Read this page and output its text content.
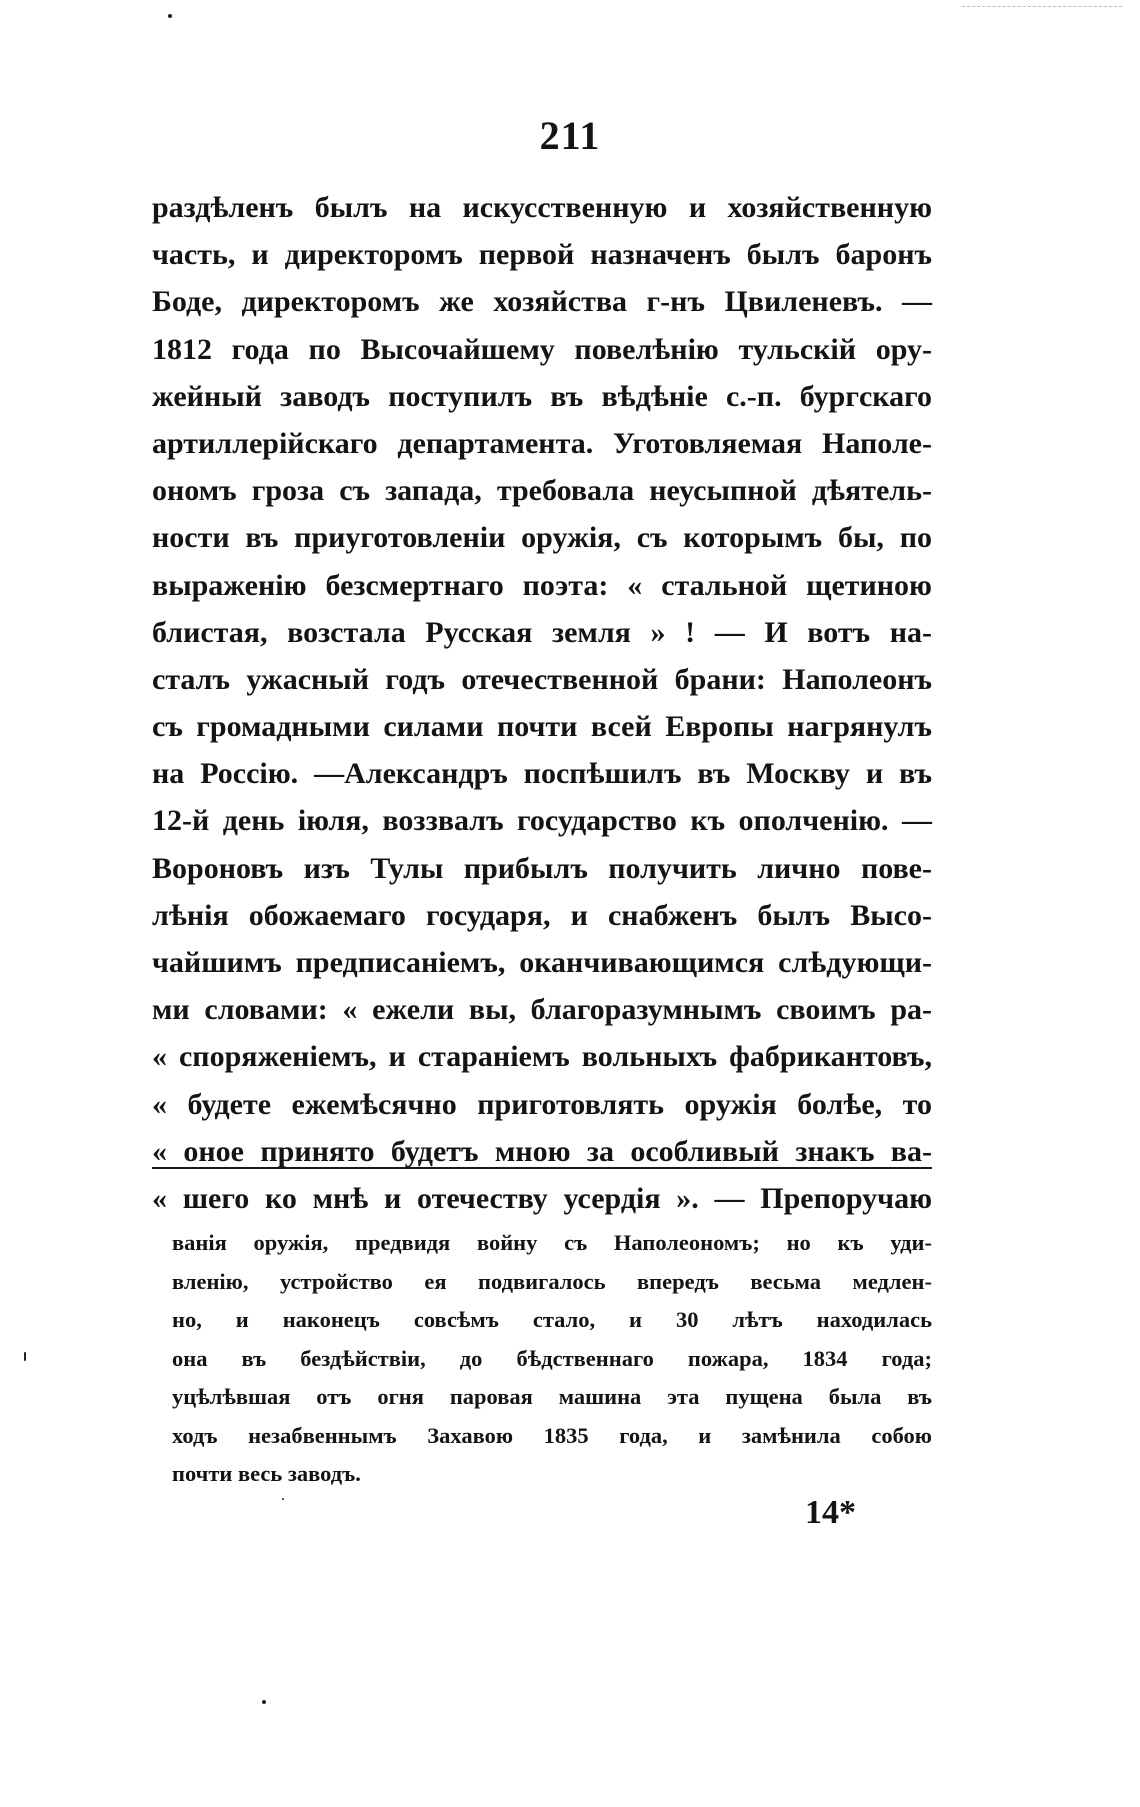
211
раздѣленъ былъ на искусственную и хозяйственную
часть, и директоромъ первой назначенъ былъ баронъ
Боде, директоромъ же хозяйства г-нъ Цвиленевъ. —
1812 года по Высочайшему повелѣнію тульскій ору-
жейный заводъ поступилъ въ вѣдѣніе с.-п. бургскаго
артиллерійскаго департамента. Уготовляемая Наполе-
ономъ гроза съ запада, требовала неусыпной дѣятель-
ности въ приуготовленіи оружія, съ которымъ бы, по
выраженію безсмертнаго поэта: « стальной щетиною
блистая, возстала Русская земля » ! — И вотъ на-
сталъ ужасный годъ отечественной брани: Наполеонъ
съ громадными силами почти всей Европы нагрянулъ
на Россію. —Александръ поспѣшилъ въ Москву и въ
12-й день іюля, воззвалъ государство къ ополченію. —
Вороновъ изъ Тулы прибылъ получить лично пове-
лѣнія обожаемаго государя, и снабженъ былъ Высо-
чайшимъ предписаніемъ, оканчивающимся слѣдующи-
ми словами: « ежели вы, благоразумнымъ своимъ ра-
« споряженіемъ, и стараніемъ вольныхъ фабрикантовъ,
« будете ежемѣсячно приготовлять оружія болѣе, то
« оное принято будетъ мною за особливый знакъ ва-
« шего ко мнѣ и отечеству усердія ». — Препоручаю
ванія оружія, предвидя войну съ Наполеономъ; но къ уди-
вленію, устройство ея подвигалось впередъ весьма медлен-
но, и наконецъ совсѣмъ стало, и 30 лѣтъ находилась
она въ бездѣйствіи, до бѣдственнаго пожара, 1834 года;
уцѣлѣвшая отъ огня паровая машина эта пущена была въ
ходъ незабвеннымъ Захавою 1835 года, и замѣнила собою
почти весь заводъ.
14*
